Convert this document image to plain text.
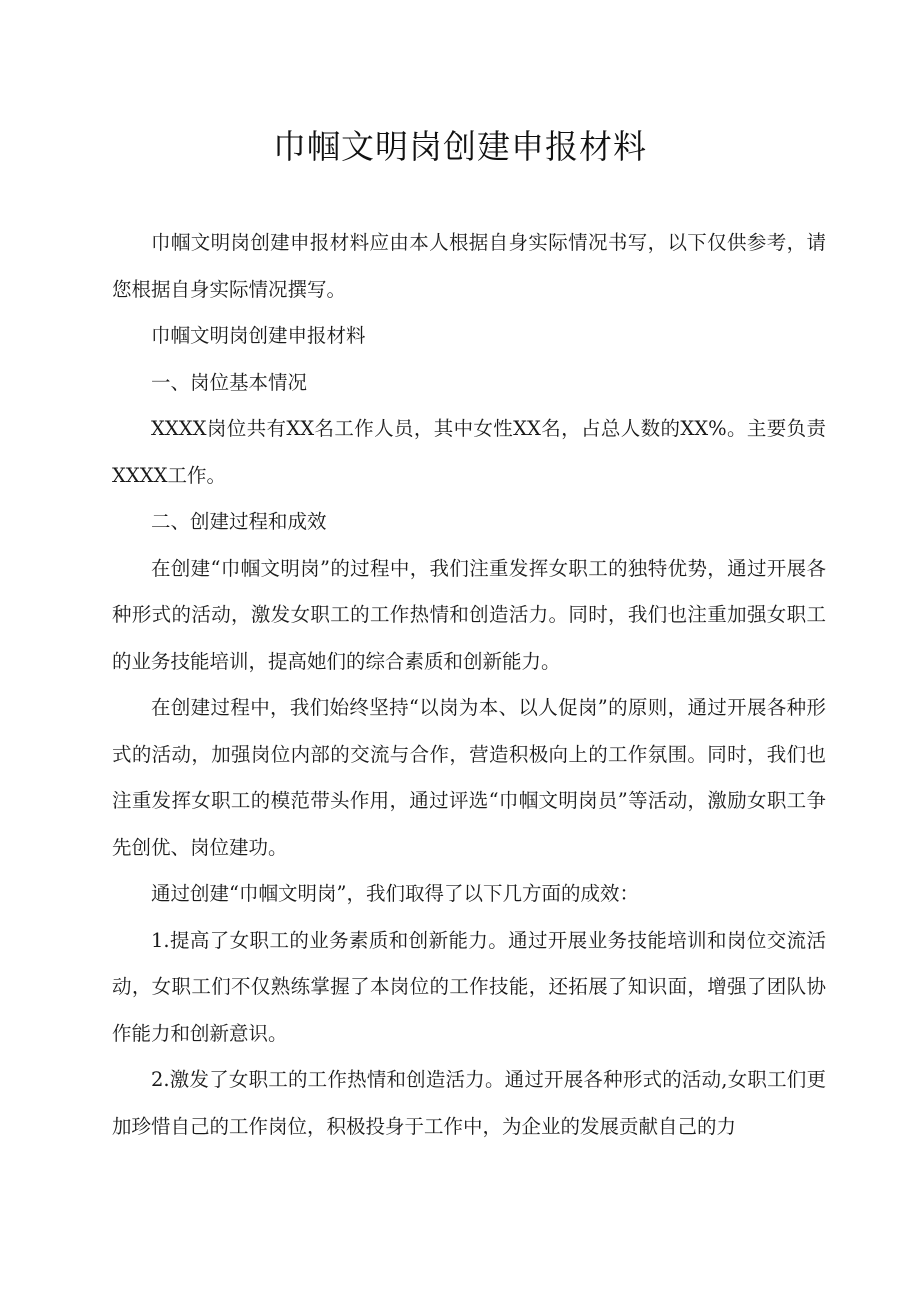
巾帼文明岗创建申报材料

巾帼文明岗创建申报材料应由本人根据自身实际情况书写，以下仅供参考，请您根据自身实际情况撰写。

巾帼文明岗创建申报材料

一、岗位基本情况

XXXX岗位共有XX名工作人员，其中女性XX名，占总人数的XX%。主要负责XXXX工作。

二、创建过程和成效

在创建“巾帼文明岗”的过程中，我们注重发挥女职工的独特优势，通过开展各种形式的活动，激发女职工的工作热情和创造活力。同时，我们也注重加强女职工的业务技能培训，提高她们的综合素质和创新能力。

在创建过程中，我们始终坚持“以岗为本、以人促岗”的原则，通过开展各种形式的活动，加强岗位内部的交流与合作，营造积极向上的工作氛围。同时，我们也注重发挥女职工的模范带头作用，通过评选“巾帼文明岗员”等活动，激励女职工争先创优、岗位建功。

通过创建“巾帼文明岗”，我们取得了以下几方面的成效：

1.提高了女职工的业务素质和创新能力。通过开展业务技能培训和岗位交流活动，女职工们不仅熟练掌握了本岗位的工作技能，还拓展了知识面，增强了团队协作能力和创新意识。

2.激发了女职工的工作热情和创造活力。通过开展各种形式的活动,女职工们更加珍惜自己的工作岗位，积极投身于工作中，为企业的发展贡献自己的力
